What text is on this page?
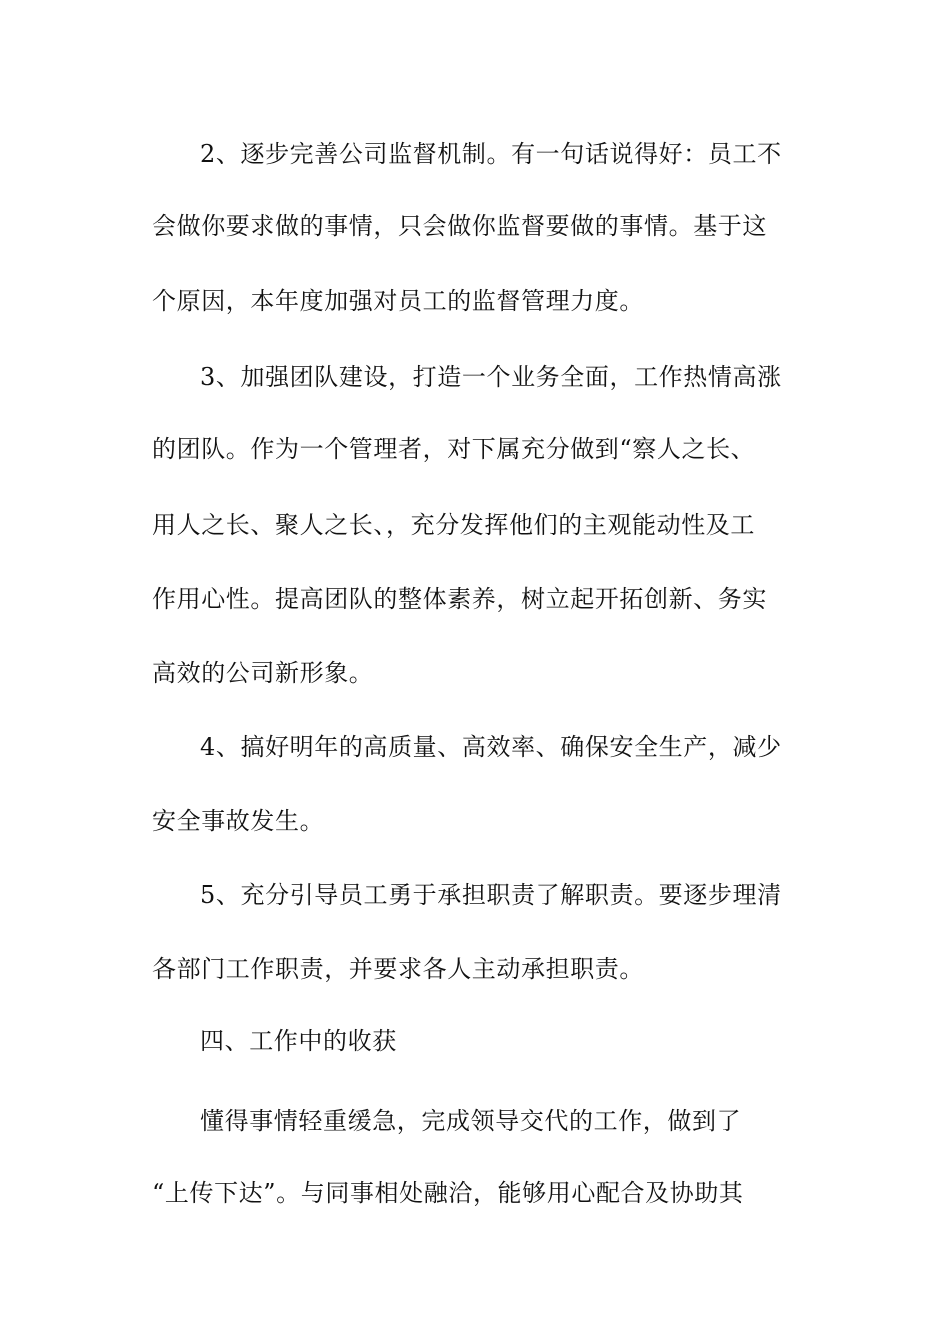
2、逐步完善公司监督机制。有一句话说得好：员工不
会做你要求做的事情，只会做你监督要做的事情。基于这
个原因，本年度加强对员工的监督管理力度。
3、加强团队建设，打造一个业务全面，工作热情高涨
的团队。作为一个管理者，对下属充分做到“察人之长、
用人之长、聚人之长、，充分发挥他们的主观能动性及工
作用心性。提高团队的整体素养，树立起开拓创新、务实
高效的公司新形象。
4、搞好明年的高质量、高效率、确保安全生产，减少
安全事故发生。
5、充分引导员工勇于承担职责了解职责。要逐步理清
各部门工作职责，并要求各人主动承担职责。
四、工作中的收获
懂得事情轻重缓急，完成领导交代的工作，做到了
“上传下达”。与同事相处融洽，能够用心配合及协助其
